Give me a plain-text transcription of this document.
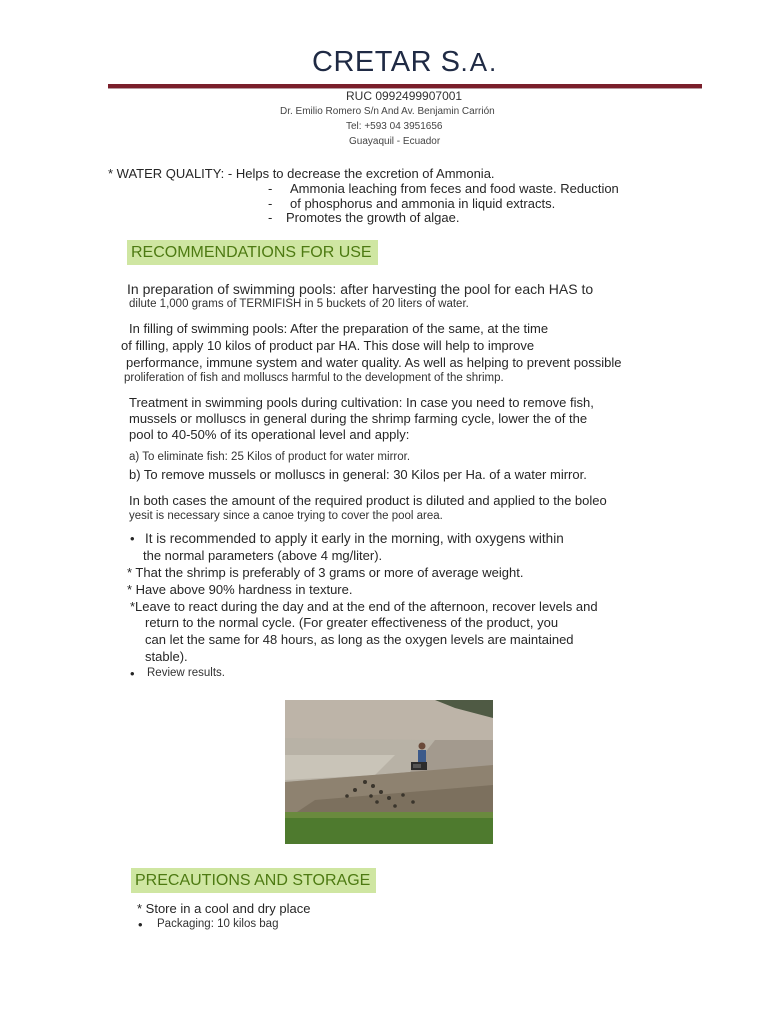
CRETAR S.A.
RUC 0992499907001
Dr. Emilio Romero S/n And Av. Benjamin Carrión
Tel: +593 04 3951656
Guayaquil - Ecuador
* WATER QUALITY: - Helps to decrease the excretion of Ammonia.
- Ammonia leaching from feces and food waste. Reduction
- of phosphorus and ammonia in liquid extracts.
- Promotes the growth of algae.
RECOMMENDATIONS FOR USE
In preparation of swimming pools: after harvesting the pool for each HAS to
dilute 1,000 grams of TERMIFISH in 5 buckets of 20 liters of water.
In filling of swimming pools: After the preparation of the same, at the time
of filling, apply 10 kilos of product par HA. This dose will help to improve
performance, immune system and water quality. As well as helping to prevent possible
proliferation of fish and molluscs harmful to the development of the shrimp.
Treatment in swimming pools during cultivation: In case you need to remove fish,
mussels or molluscs in general during the shrimp farming cycle, lower the of the
pool to 40-50% of its operational level and apply:
a) To eliminate fish: 25 Kilos of product for water mirror.
b) To remove mussels or molluscs in general: 30 Kilos per Ha. of a water mirror.
In both cases the amount of the required product is diluted and applied to the boleo
yesit is necessary since a canoe trying to cover the pool area.
• It is recommended to apply it early in the morning, with oxygens within
the normal parameters (above 4 mg/liter).
* That the shrimp is preferably of 3 grams or more of average weight.
* Have above 90% hardness in texture.
*Leave to react during the day and at the end of the afternoon, recover levels and
return to the normal cycle. (For greater effectiveness of the product, you
can let the same for 48 hours, as long as the oxygen levels are maintained
stable).
• Review results.
PRECAUTIONS AND STORAGE
* Store in a cool and dry place
• Packaging: 10 kilos bag
